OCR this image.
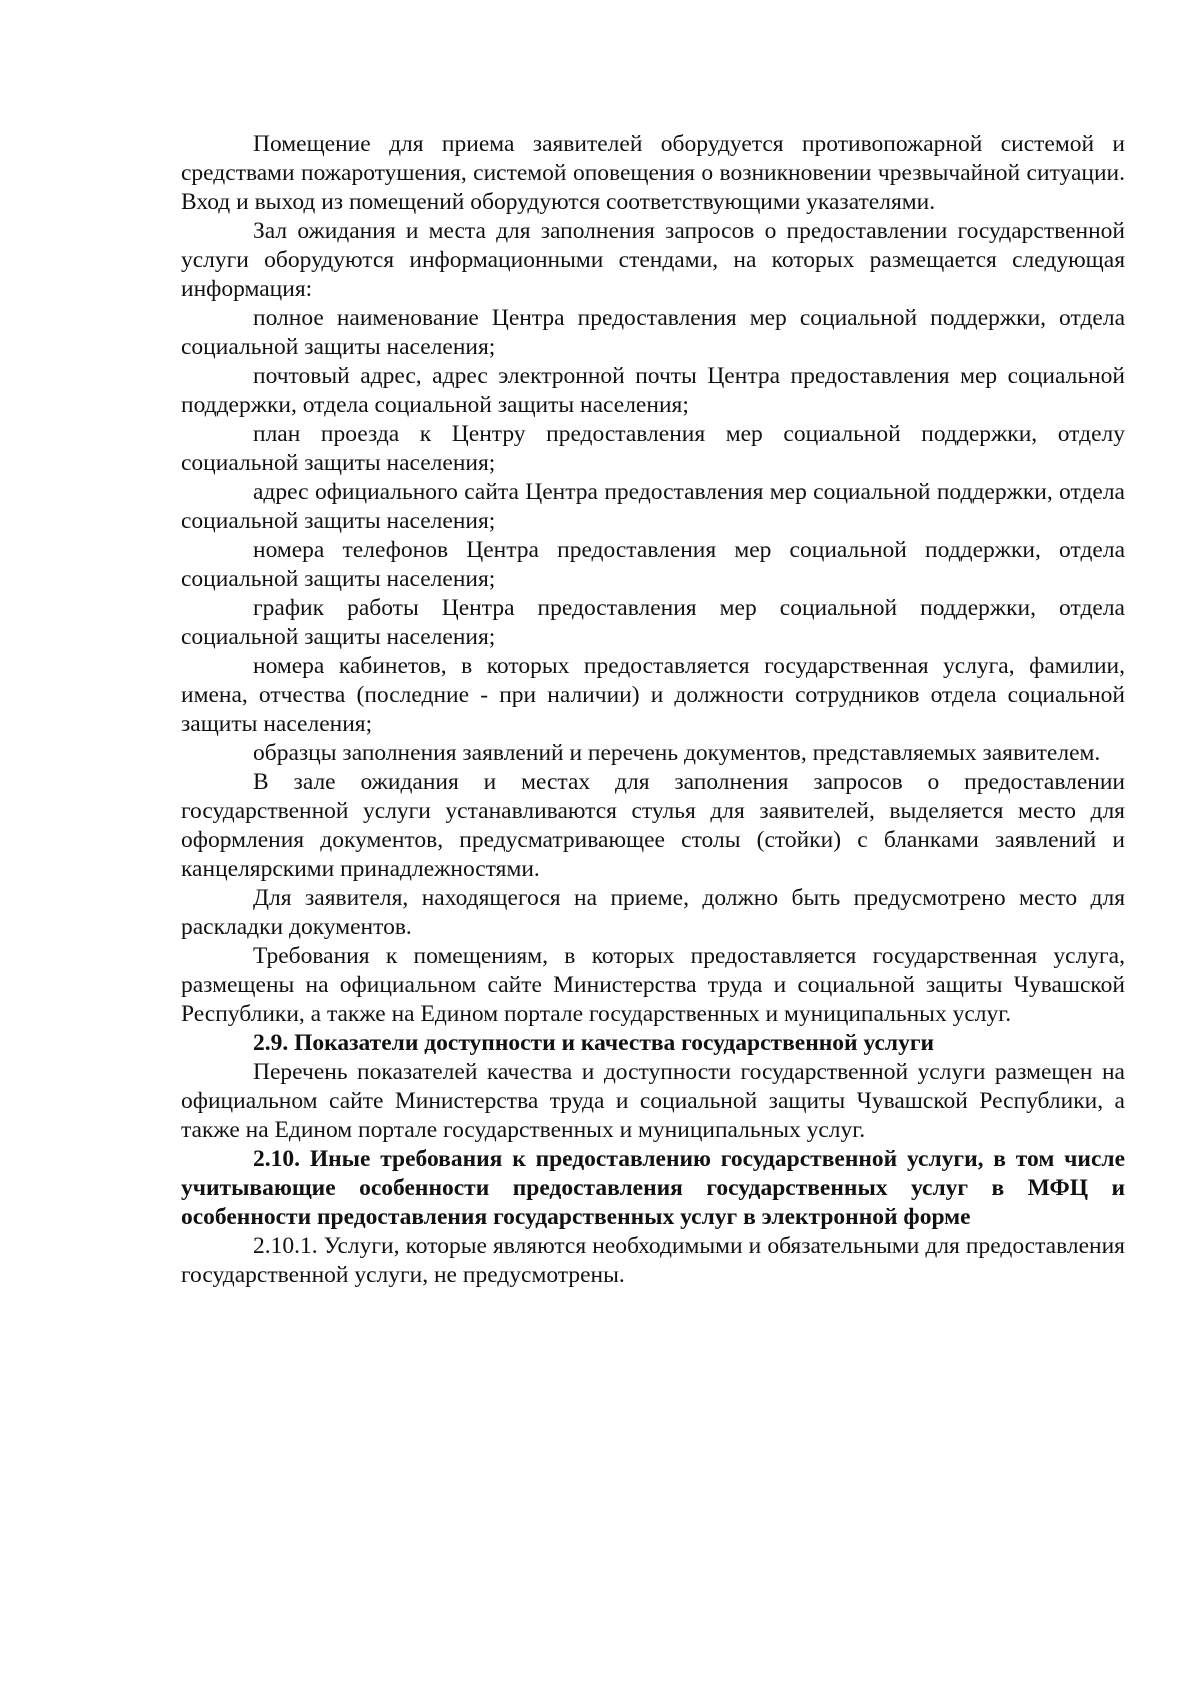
Помещение для приема заявителей оборудуется противопожарной системой и средствами пожаротушения, системой оповещения о возникновении чрезвычайной ситуации. Вход и выход из помещений оборудуются соответствующими указателями.

Зал ожидания и места для заполнения запросов о предоставлении государственной услуги оборудуются информационными стендами, на которых размещается следующая информация:

полное наименование Центра предоставления мер социальной поддержки, отдела социальной защиты населения;

почтовый адрес, адрес электронной почты Центра предоставления мер социальной поддержки, отдела социальной защиты населения;

план проезда к Центру предоставления мер социальной поддержки, отделу социальной защиты населения;

адрес официального сайта Центра предоставления мер социальной поддержки, отдела социальной защиты населения;

номера телефонов Центра предоставления мер социальной поддержки, отдела социальной защиты населения;

график работы Центра предоставления мер социальной поддержки, отдела социальной защиты населения;

номера кабинетов, в которых предоставляется государственная услуга, фамилии, имена, отчества (последние - при наличии) и должности сотрудников отдела социальной защиты населения;

образцы заполнения заявлений и перечень документов, представляемых заявителем.

В зале ожидания и местах для заполнения запросов о предоставлении государственной услуги устанавливаются стулья для заявителей, выделяется место для оформления документов, предусматривающее столы (стойки) с бланками заявлений и канцелярскими принадлежностями.

Для заявителя, находящегося на приеме, должно быть предусмотрено место для раскладки документов.

Требования к помещениям, в которых предоставляется государственная услуга, размещены на официальном сайте Министерства труда и социальной защиты Чувашской Республики, а также на Едином портале государственных и муниципальных услуг.

2.9. Показатели доступности и качества государственной услуги

Перечень показателей качества и доступности государственной услуги размещен на официальном сайте Министерства труда и социальной защиты Чувашской Республики, а также на Едином портале государственных и муниципальных услуг.

2.10. Иные требования к предоставлению государственной услуги, в том числе учитывающие особенности предоставления государственных услуг в МФЦ и особенности предоставления государственных услуг в электронной форме

2.10.1. Услуги, которые являются необходимыми и обязательными для предоставления государственной услуги, не предусмотрены.
